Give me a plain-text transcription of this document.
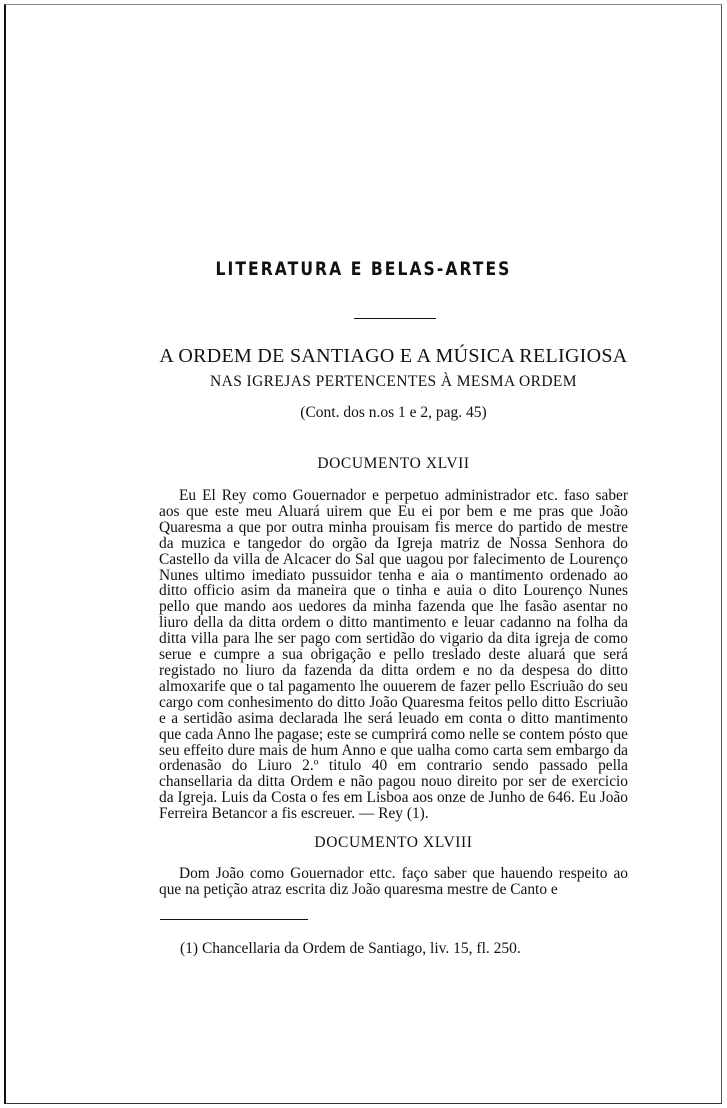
LITERATURA E BELAS-ARTES
A ORDEM DE SANTIAGO E A MÚSICA RELIGIOSA
NAS IGREJAS PERTENCENTES À MESMA ORDEM
(Cont. dos n.os 1 e 2, pag. 45)
DOCUMENTO XLVII
Eu El Rey como Gouernador e perpetuo administrador etc. faso saber aos que este meu Aluará uirem que Eu ei por bem e me pras que João Quaresma a que por outra minha prouisam fis merce do partido de mestre da muzica e tangedor do orgão da Igreja matriz de Nossa Senhora do Castello da villa de Alcacer do Sal que uagou por falecimento de Lourenço Nunes ultimo imediato pussuidor tenha e aia o mantimento ordenado ao ditto officio asim da maneira que o tinha e auia o dito Lourenço Nunes pello que mando aos uedores da minha fazenda que lhe fasão asentar no liuro della da ditta ordem o ditto mantimento e leuar cadanno na folha da ditta villa para lhe ser pago com sertidão do vigario da dita igreja de como serue e cumpre a sua obrigação e pello treslado deste aluará que será registado no liuro da fazenda da ditta ordem e no da despesa do ditto almoxarife que o tal pagamento lhe ouuerem de fazer pello Escriuão do seu cargo com conhesimento do ditto João Quaresma feitos pello ditto Escriuão e a sertidão asima declarada lhe será leuado em conta o ditto mantimento que cada Anno lhe pagase; este se cumprirá como nelle se contem pósto que seu effeito dure mais de hum Anno e que ualha como carta sem embargo da ordenasão do Liuro 2.º titulo 40 em contrario sendo passado pella chansellaria da ditta Ordem e não pagou nouo direito por ser de exercicio da Igreja. Luis da Costa o fes em Lisboa aos onze de Junho de 646. Eu João Ferreira Betancor a fis escreuer. — Rey (1).
DOCUMENTO XLVIII
Dom João como Gouernador ettc. faço saber que hauendo respeito ao que na petição atraz escrita diz João quaresma mestre de Canto e
(1) Chancellaria da Ordem de Santiago, liv. 15, fl. 250.
